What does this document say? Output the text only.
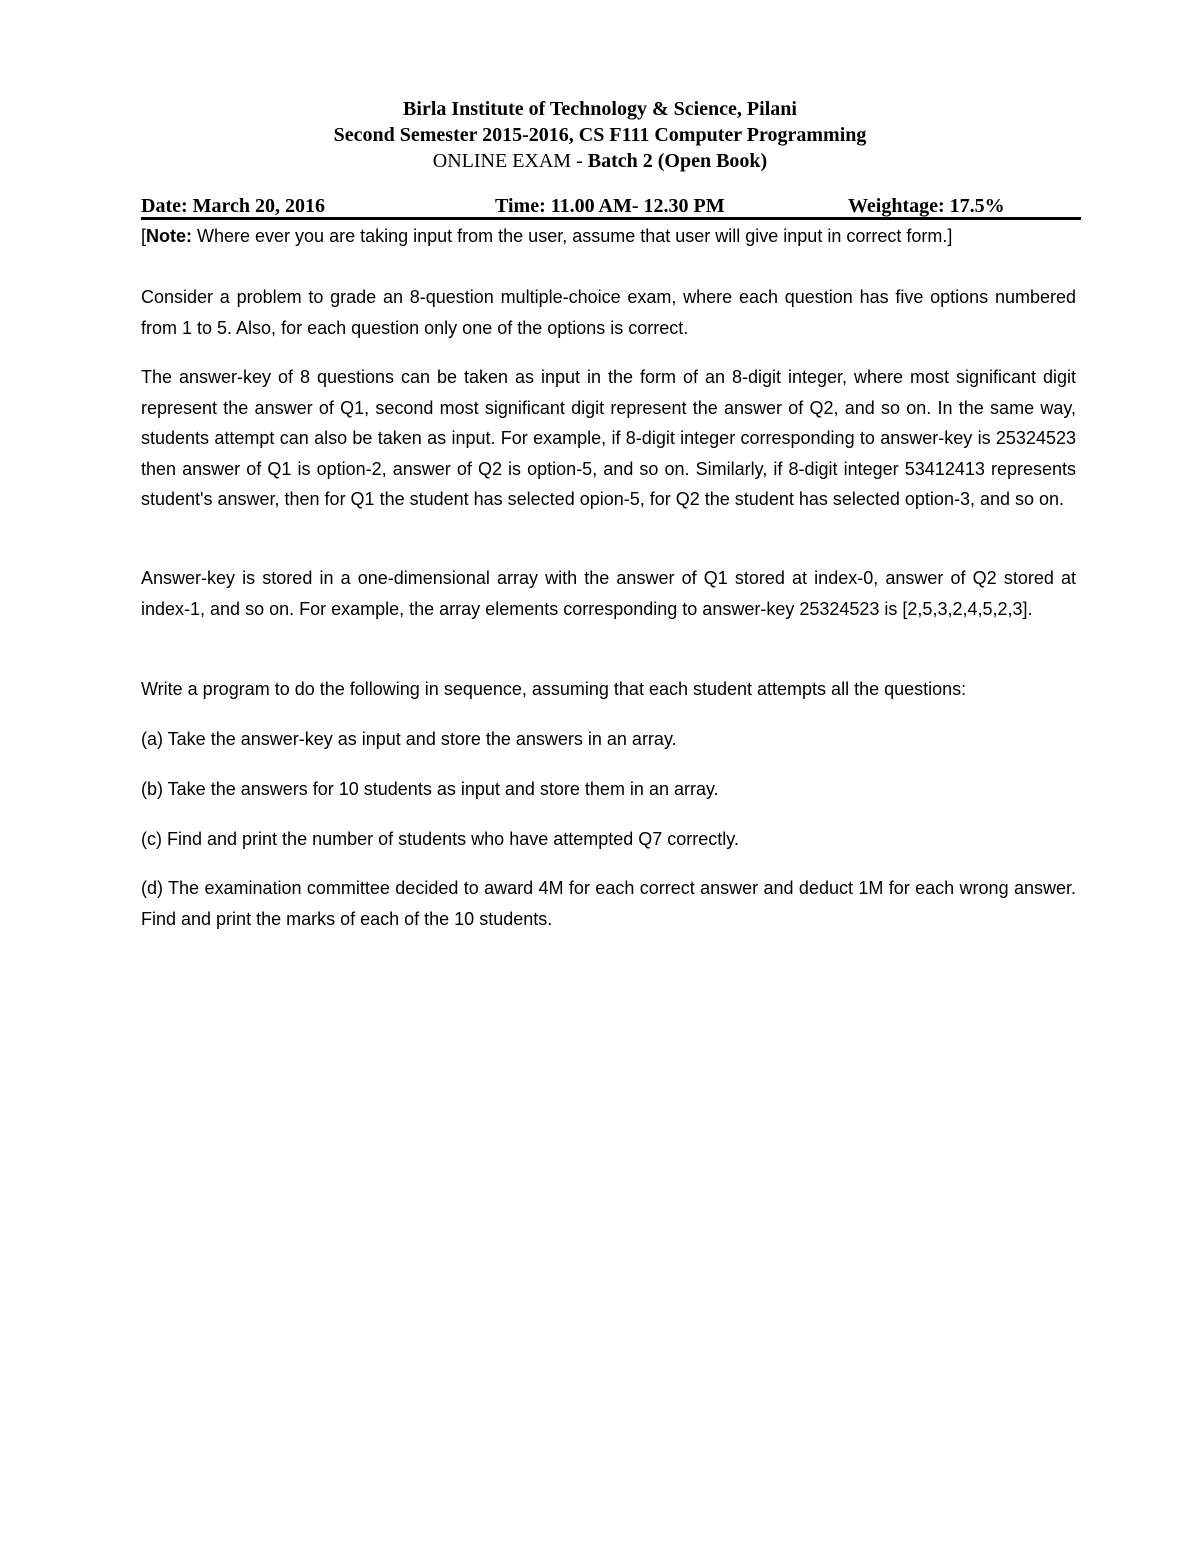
Birla Institute of Technology & Science, Pilani
Second Semester 2015-2016, CS F111 Computer Programming
ONLINE EXAM - Batch 2 (Open Book)
Date: March 20, 2016	Time: 11.00 AM- 12.30 PM	Weightage: 17.5%
[Note: Where ever you are taking input from the user, assume that user will give input in correct form.]

Consider a problem to grade an 8-question multiple-choice exam, where each question has five options numbered from 1 to 5. Also, for each question only one of the options is correct.

The answer-key of 8 questions can be taken as input in the form of an 8-digit integer, where most significant digit represent the answer of Q1, second most significant digit represent the answer of Q2, and so on. In the same way, students attempt can also be taken as input. For example, if 8-digit integer corresponding to answer-key is 25324523 then answer of Q1 is option-2, answer of Q2 is option-5, and so on. Similarly, if 8-digit integer 53412413 represents student's answer, then for Q1 the student has selected opion-5, for Q2 the student has selected option-3, and so on.

Answer-key is stored in a one-dimensional array with the answer of Q1 stored at index-0, answer of Q2 stored at index-1, and so on. For example, the array elements corresponding to answer-key 25324523 is [2,5,3,2,4,5,2,3].

Write a program to do the following in sequence, assuming that each student attempts all the questions:

(a) Take the answer-key as input and store the answers in an array.

(b) Take the answers for 10 students as input and store them in an array.

(c) Find and print the number of students who have attempted Q7 correctly.

(d) The examination committee decided to award 4M for each correct answer and deduct 1M for each wrong answer. Find and print the marks of each of the 10 students.
